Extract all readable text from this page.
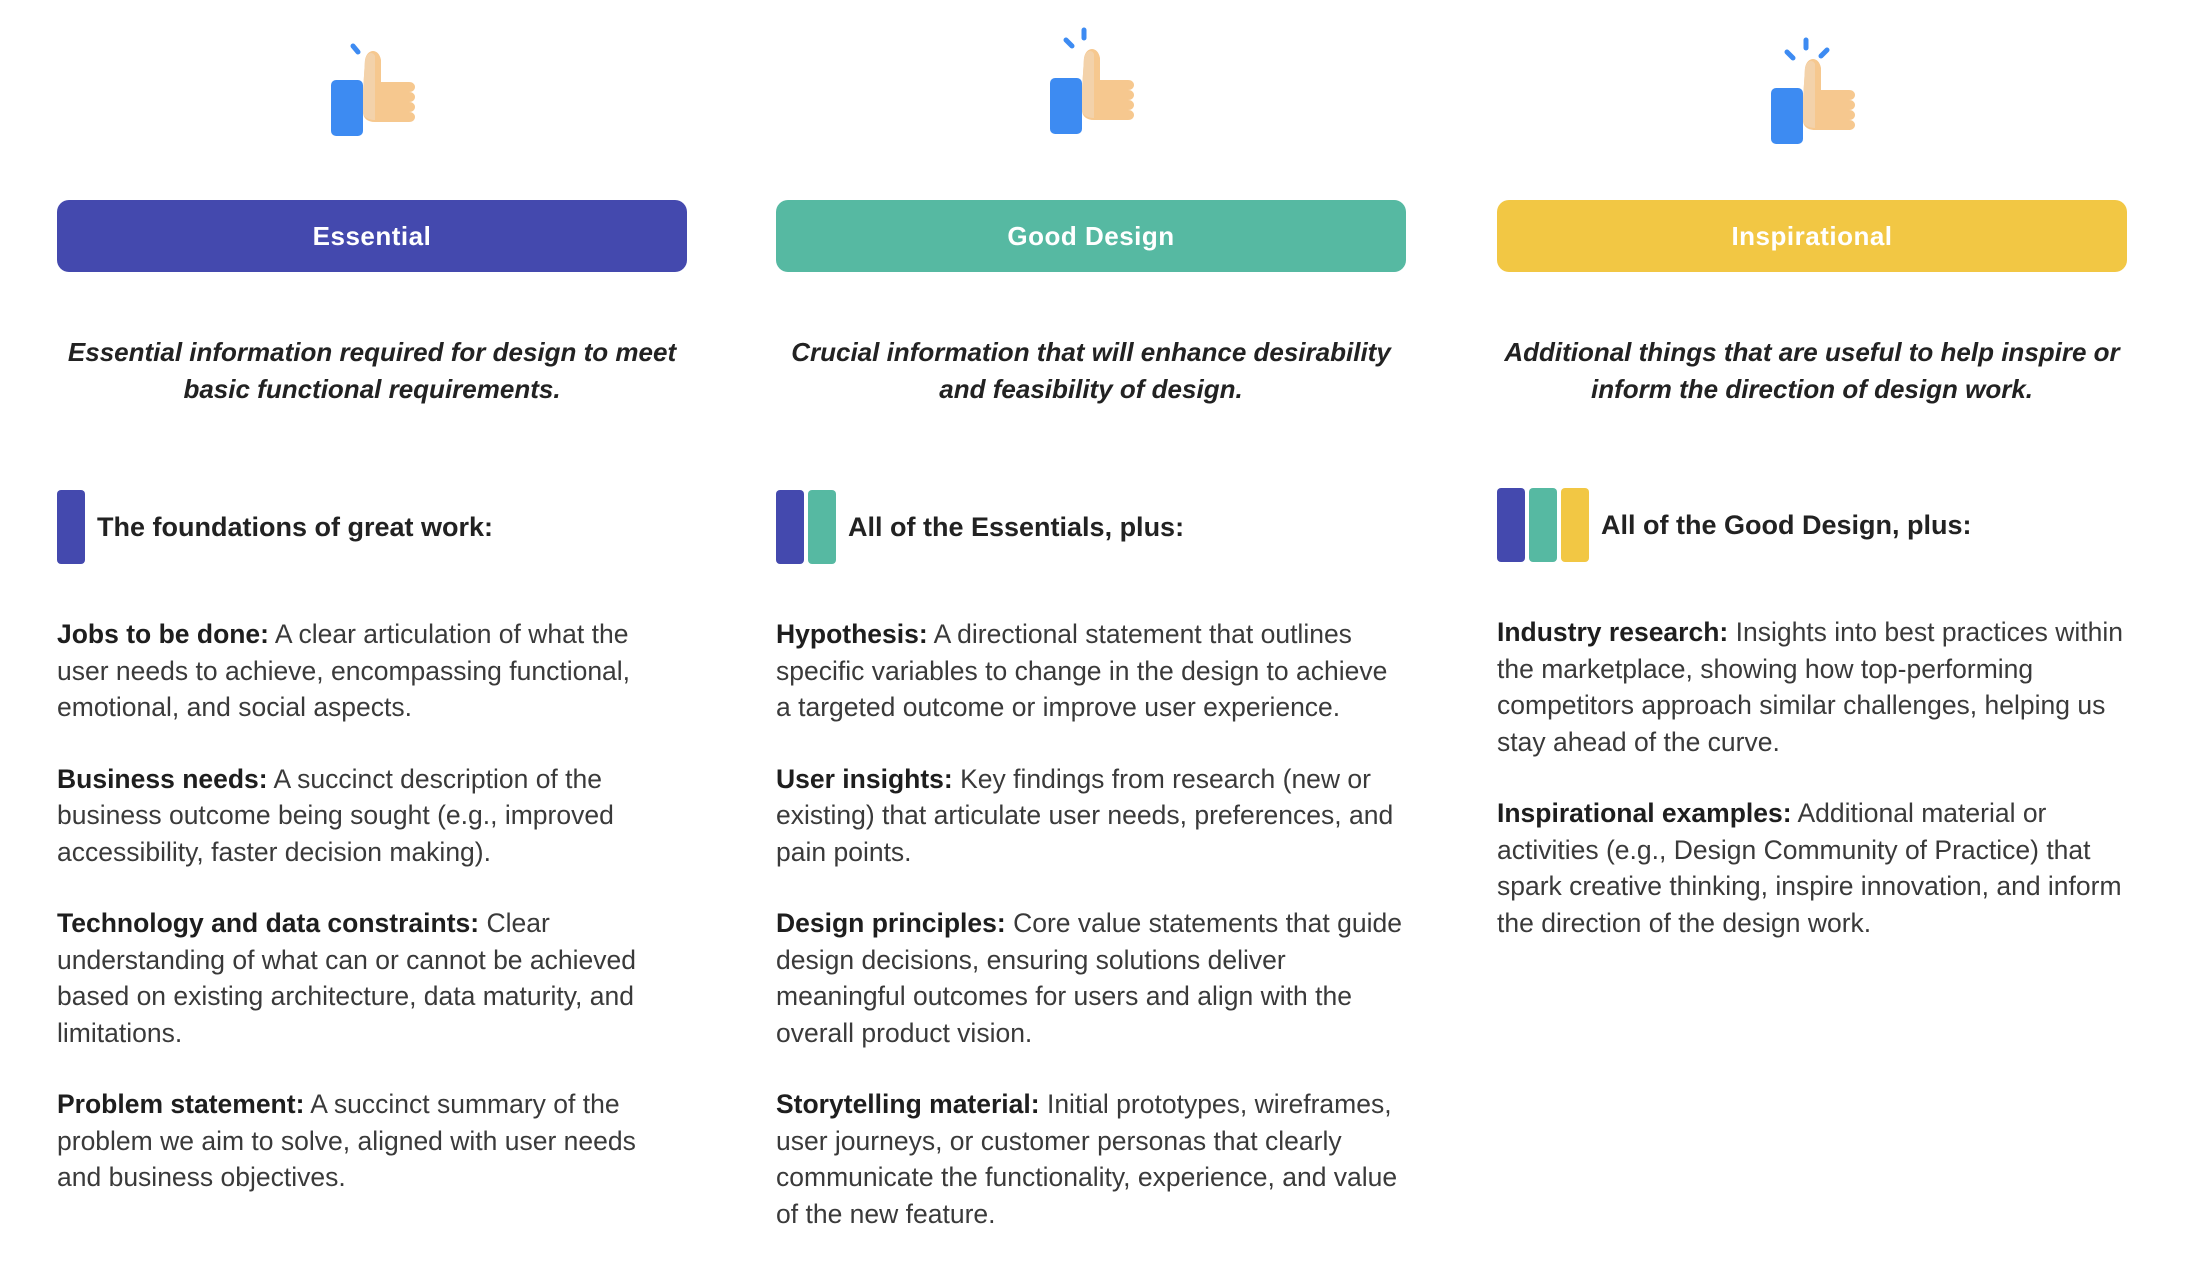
Essential
Essential information required for design to meet
basic functional requirements.
The foundations of great work:
Jobs to be done: A clear articulation of what the user needs to achieve, encompassing functional, emotional, and social aspects.
Business needs: A succinct description of the business outcome being sought (e.g., improved accessibility, faster decision making).
Technology and data constraints: Clear understanding of what can or cannot be achieved based on existing architecture, data maturity, and limitations.
Problem statement: A succinct summary of the problem we aim to solve, aligned with user needs and business objectives.
Good Design
Crucial information that will enhance desirability
and feasibility of design.
All of the Essentials, plus:
Hypothesis: A directional statement that outlines specific variables to change in the design to achieve a targeted outcome or improve user experience.
User insights: Key findings from research (new or existing) that articulate user needs, preferences, and pain points.
Design principles: Core value statements that guide design decisions, ensuring solutions deliver meaningful outcomes for users and align with the overall product vision.
Storytelling material: Initial prototypes, wireframes, user journeys, or customer personas that clearly communicate the functionality, experience, and value of the new feature.
Inspirational
Additional things that are useful to help inspire or
inform the direction of design work.
All of the Good Design, plus:
Industry research: Insights into best practices within the marketplace, showing how top-performing competitors approach similar challenges, helping us stay ahead of the curve.
Inspirational examples: Additional material or activities (e.g., Design Community of Practice) that spark creative thinking, inspire innovation, and inform the direction of the design work.
